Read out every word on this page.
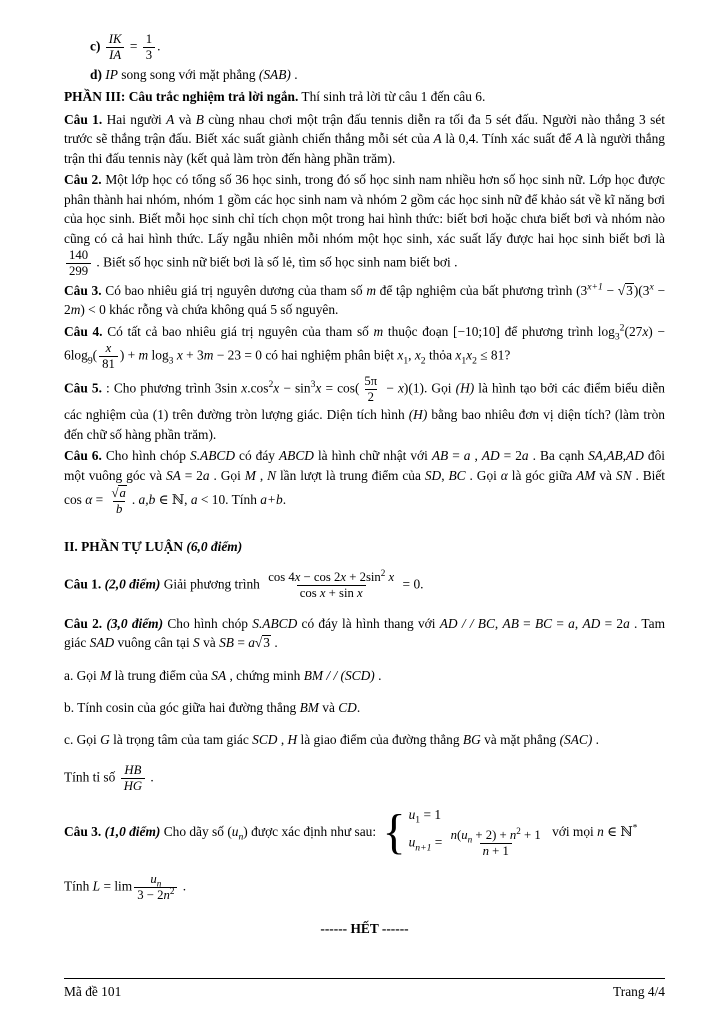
$c) \frac{IK}{IA} = \frac{1}{3}$ .
d) IP song song với mặt phẳng (SAB) .
PHẦN III: Câu trắc nghiệm trả lời ngắn. Thí sinh trả lời từ câu 1 đến câu 6.
Câu 1. Hai người A và B cùng nhau chơi một trận đấu tennis diễn ra tối đa 5 sét đấu. Người nào thắng 3 sét trước sẽ thắng trận đấu. Biết xác suất giành chiến thắng mỗi sét của A là 0,4. Tính xác suất để A là người thắng trận thi đấu tennis này (kết quả làm tròn đến hàng phần trăm).
Câu 2. Một lớp học có tổng số 36 học sinh, trong đó số học sinh nam nhiều hơn số học sinh nữ. Lớp học được phân thành hai nhóm, nhóm 1 gồm các học sinh nam và nhóm 2 gồm các học sinh nữ để khảo sát về kĩ năng bơi của học sinh. Biết mỗi học sinh chỉ tích chọn một trong hai hình thức: biết bơi hoặc chưa biết bơi và nhóm nào cũng có cả hai hình thức. Lấy ngẫu nhiên mỗi nhóm một học sinh, xác suất lấy được hai học sinh biết bơi là
$\frac{140}{299}$ . Biết số học sinh nữ biết bơi là số lẻ, tìm số học sinh nam biết bơi .
Câu 3. Có bao nhiêu giá trị nguyên dương của tham số m để tập nghiệm của bất phương trình $(3^{x+1} - √3)(3^x - 2m) < 0$ khác rỗng và chứa không quá 5 số nguyên.
Câu 4. Có tất cả bao nhiêu giá trị nguyên của tham số m thuộc đoạn [−10;10] để phương trình $\log_3^2(27x) - 6\log_9( \frac{x}{81}$ ) + m $\log_3 x + 3m - 23 = 0$ có hai nghiệm phân biệt $x_1$, $x_2$ thỏa $x_1x_2 \le 81$?
Câu 5. : Cho phương trình 3sin $x.\cos^2x - \sin^3x = \cos( \frac{5\pi}{2} - x)(1)$. Gọi (H) là hình tạo bởi các điểm biểu diễn các nghiệm của (1) trên đường tròn lượng giác. Diện tích hình (H) bằng bao nhiêu đơn vị diện tích? (làm tròn đến chữ số hàng phần trăm).
Câu 6. Cho hình chóp S.ABCD có đáy ABCD là hình chữ nhật với AB = a , AD = 2a . Ba cạnh SA,AB,AD đôi một vuông góc và SA = 2a . Gọi M , N lần lượt là trung điểm của SD, BC . Gọi α là góc giữa AM và SN . Biết $\cos \alpha = \frac{√a}{b}$ . a,b ∈ ℕ, a < 10. Tính a+b.
II. PHẦN TỰ LUẬN (6,0 điểm)
Câu 1. (2,0 điểm) Giải phương trình $\frac{\cos 4x - \cos 2x + 2\sin^2 x}{\text{cos x + sin x}} = 0$.
Câu 2. (3,0 điểm) Cho hình chóp S.ABCD có đáy là hình thang với AD / / BC, AB = BC = a, AD = 2a . Tam giác SAD vuông cân tại S và SB = a√3 .
a. Gọi M là trung điểm của SA , chứng minh BM / / (SCD) .
b. Tính cosin của góc giữa hai đường thẳng BM và CD.
c. Gọi G là trọng tâm của tam giác SCD , H là giao điểm của đường thẳng BG và mặt phẳng (SAC) .
Tính tỉ số $\frac{HB}{HG}$ .
Câu 3. (1,0 điểm) Cho dãy số $(u_n)$ được xác định như sau: { $u_1 = 1$
$u_{n+1} = \frac{n(u_n + 2) + n^2 + 1}{n + 1}$ với mọi n ∈ ℕ*
Tính $L = \lim \frac{u_n}{3 - 2n^2}$ .
------ HẾT ------
Mã đề 101	Trang 4/4
